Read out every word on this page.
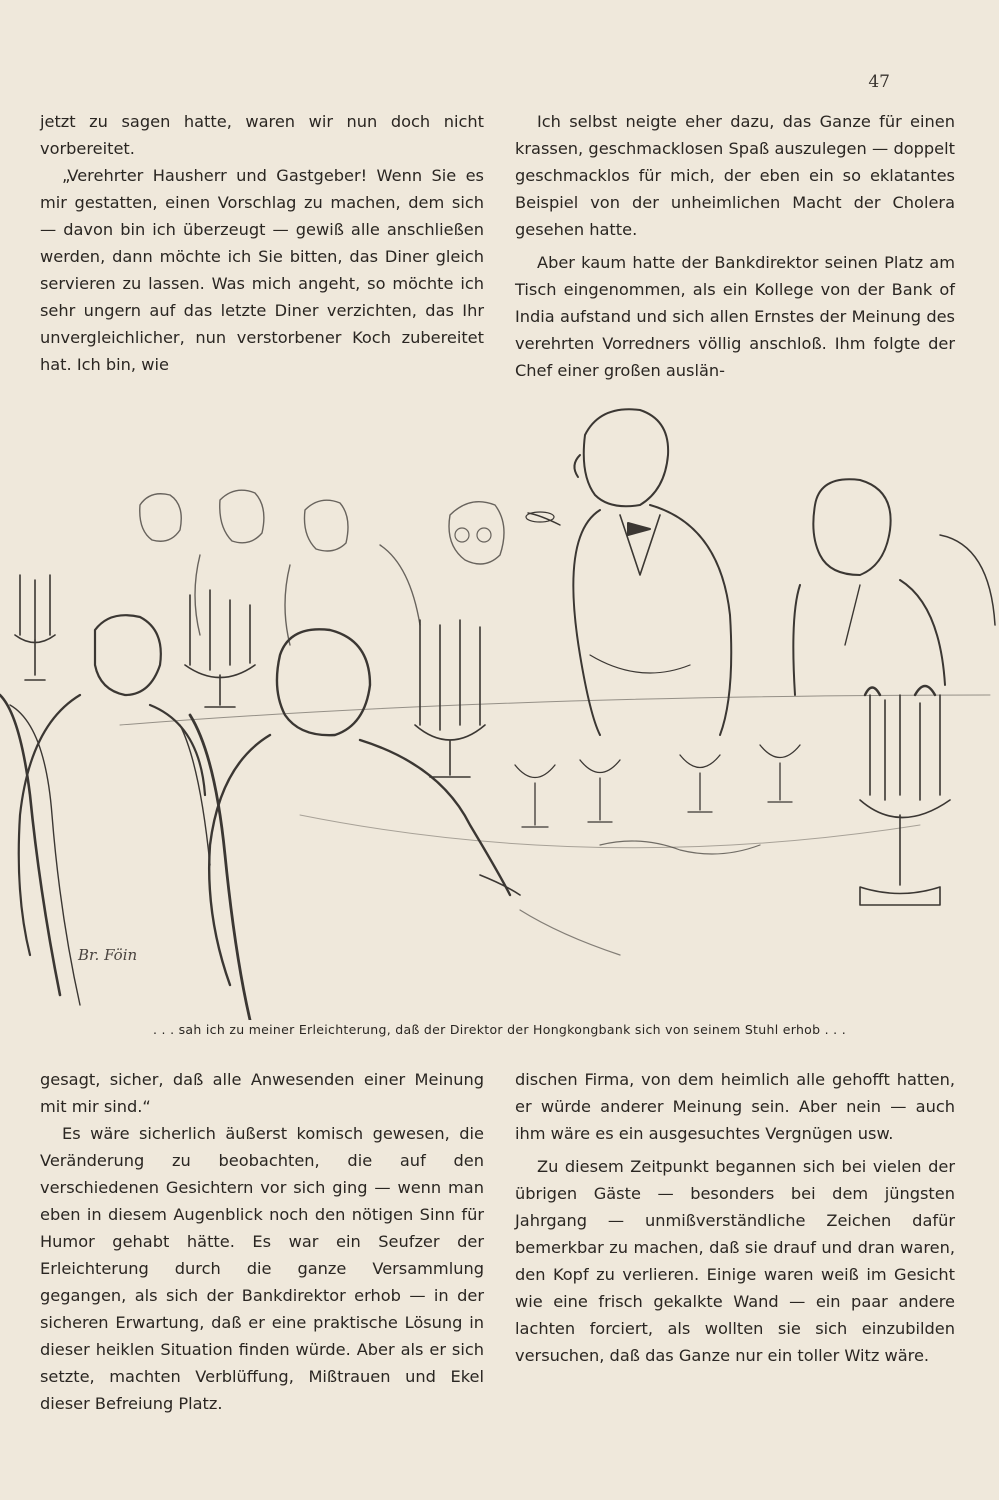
47

jetzt zu sagen hatte, waren wir nun doch nicht vorbereitet.

„Verehrter Hausherr und Gastgeber! Wenn Sie es mir gestatten, einen Vorschlag zu machen, dem sich — davon bin ich überzeugt — gewiß alle anschließen werden, dann möchte ich Sie bitten, das Diner gleich servieren zu lassen. Was mich angeht, so möchte ich sehr ungern auf das letzte Diner verzichten, das Ihr unvergleichlicher, nun verstorbener Koch zubereitet hat. Ich bin, wie

Ich selbst neigte eher dazu, das Ganze für einen krassen, geschmacklosen Spaß auszulegen — doppelt geschmacklos für mich, der eben ein so eklatantes Beispiel von der unheimlichen Macht der Cholera gesehen hatte.

Aber kaum hatte der Bankdirektor seinen Platz am Tisch eingenommen, als ein Kollege von der Bank of India aufstand und sich allen Ernstes der Meinung des verehrten Vorredners völlig anschloß. Ihm folgte der Chef einer großen auslän-

Br. Föin
. . . sah ich zu meiner Erleichterung, daß der Direktor der Hongkongbank sich von seinem Stuhl erhob . . .

gesagt, sicher, daß alle Anwesenden einer Meinung mit mir sind.“

Es wäre sicherlich äußerst komisch gewesen, die Veränderung zu beobachten, die auf den verschiedenen Gesichtern vor sich ging — wenn man eben in diesem Augenblick noch den nötigen Sinn für Humor gehabt hätte. Es war ein Seufzer der Erleichterung durch die ganze Versammlung gegangen, als sich der Bankdirektor erhob — in der sicheren Erwartung, daß er eine praktische Lösung in dieser heiklen Situation finden würde. Aber als er sich setzte, machten Verblüffung, Mißtrauen und Ekel dieser Befreiung Platz.

dischen Firma, von dem heimlich alle gehofft hatten, er würde anderer Meinung sein. Aber nein — auch ihm wäre es ein ausgesuchtes Vergnügen usw.

Zu diesem Zeitpunkt begannen sich bei vielen der übrigen Gäste — besonders bei dem jüngsten Jahrgang — unmißverständliche Zeichen dafür bemerkbar zu machen, daß sie drauf und dran waren, den Kopf zu verlieren. Einige waren weiß im Gesicht wie eine frisch gekalkte Wand — ein paar andere lachten forciert, als wollten sie sich einzubilden versuchen, daß das Ganze nur ein toller Witz wäre.
